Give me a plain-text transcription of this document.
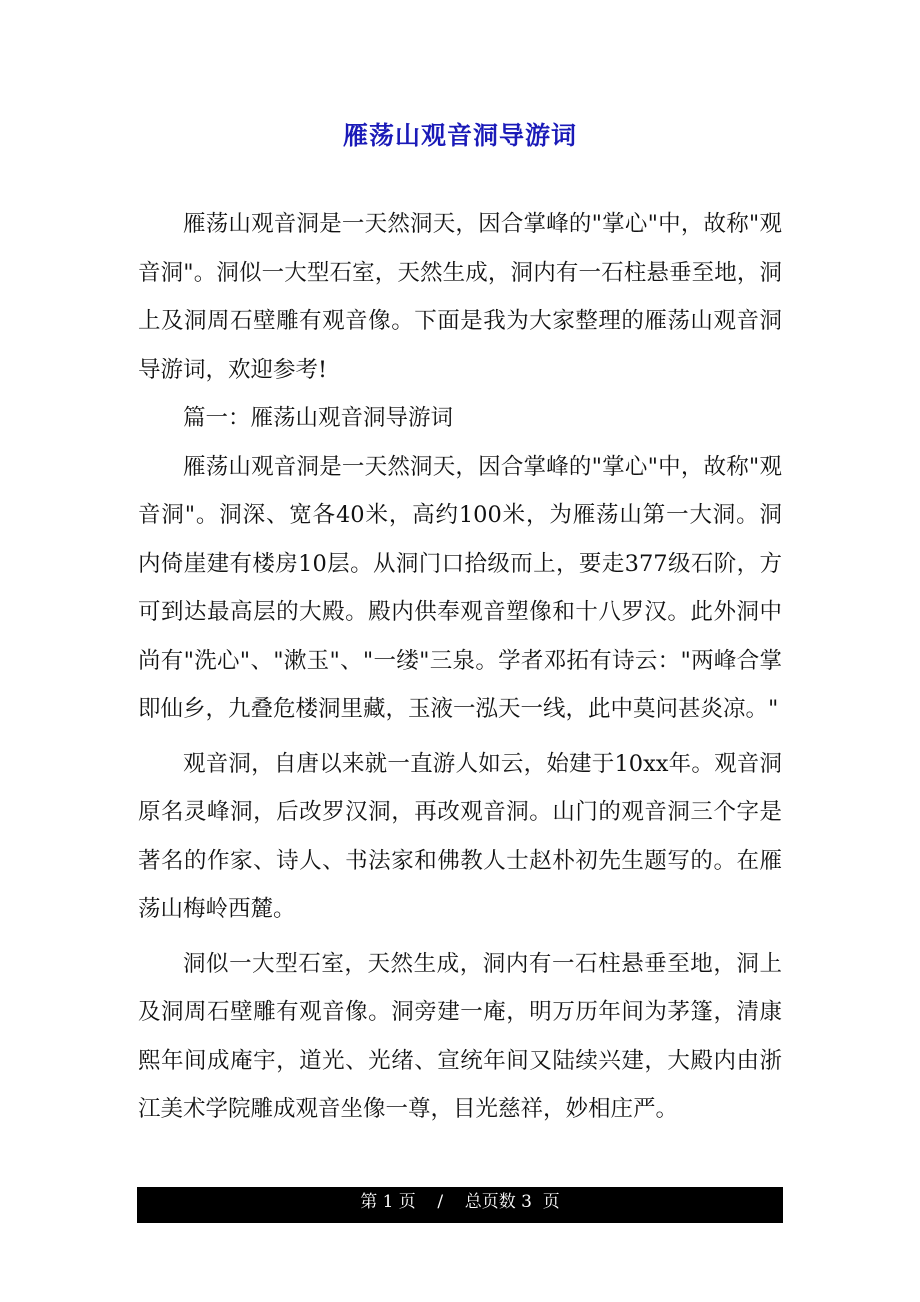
雁荡山观音洞导游词

雁荡山观音洞是一天然洞天，因合掌峰的"掌心"中，故称"观音洞"。洞似一大型石室，天然生成，洞内有一石柱悬垂至地，洞上及洞周石壁雕有观音像。下面是我为大家整理的雁荡山观音洞导游词，欢迎参考!

篇一：雁荡山观音洞导游词

雁荡山观音洞是一天然洞天，因合掌峰的"掌心"中，故称"观音洞"。洞深、宽各40米，高约100米，为雁荡山第一大洞。洞内倚崖建有楼房10层。从洞门口拾级而上，要走377级石阶，方可到达最高层的大殿。殿内供奉观音塑像和十八罗汉。此外洞中尚有"洗心"、"漱玉"、"一缕"三泉。学者邓拓有诗云："两峰合掌即仙乡，九叠危楼洞里藏，玉液一泓天一线，此中莫问甚炎凉。"

观音洞，自唐以来就一直游人如云，始建于10xx年。观音洞原名灵峰洞，后改罗汉洞，再改观音洞。山门的观音洞三个字是著名的作家、诗人、书法家和佛教人士赵朴初先生题写的。在雁荡山梅岭西麓。

洞似一大型石室，天然生成，洞内有一石柱悬垂至地，洞上及洞周石壁雕有观音像。洞旁建一庵，明万历年间为茅篷，清康熙年间成庵宇，道光、光绪、宣统年间又陆续兴建，大殿内由浙江美术学院雕成观音坐像一尊，目光慈祥，妙相庄严。

第 1 页    /    总页数 3  页
